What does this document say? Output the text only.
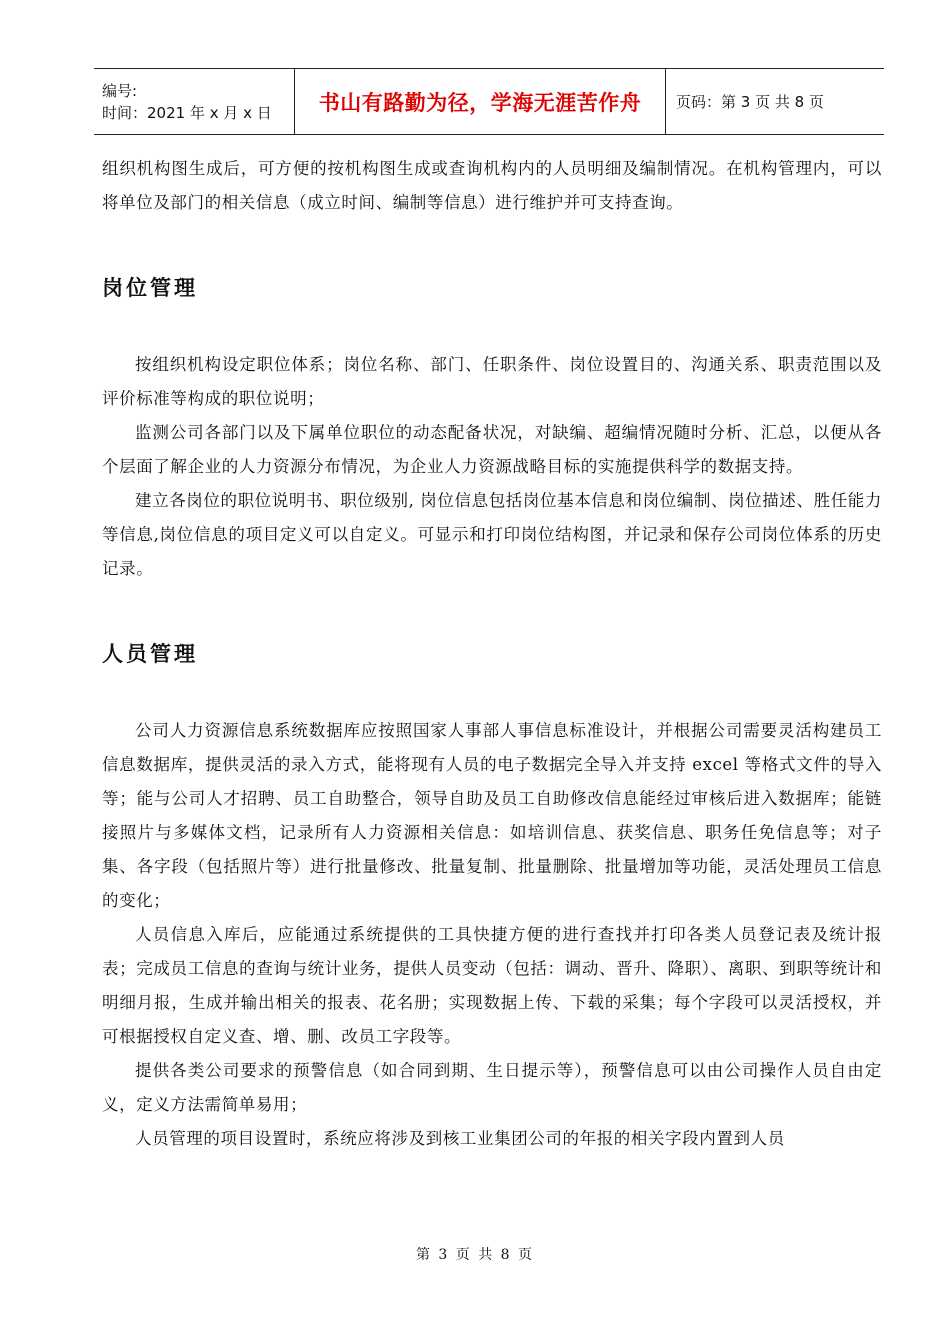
编号:
时间：2021 年 x 月 x 日	书山有路勤为径，学海无涯苦作舟 页码：第 3 页 共 8 页

组织机构图生成后，可方便的按机构图生成或查询机构内的人员明细及编制情况。在机构管理内，可以将单位及部门的相关信息（成立时间、编制等信息）进行维护并可支持查询。

岗位管理

按组织机构设定职位体系；岗位名称、部门、任职条件、岗位设置目的、沟通关系、职责范围以及评价标准等构成的职位说明；

监测公司各部门以及下属单位职位的动态配备状况，对缺编、超编情况随时分析、汇总，以便从各个层面了解企业的人力资源分布情况，为企业人力资源战略目标的实施提供科学的数据支持。

建立各岗位的职位说明书、职位级别, 岗位信息包括岗位基本信息和岗位编制、岗位描述、胜任能力等信息,岗位信息的项目定义可以自定义。可显示和打印岗位结构图，并记录和保存公司岗位体系的历史记录。

人员管理

公司人力资源信息系统数据库应按照国家人事部人事信息标准设计，并根据公司需要灵活构建员工信息数据库，提供灵活的录入方式，能将现有人员的电子数据完全导入并支持 excel 等格式文件的导入等；能与公司人才招聘、员工自助整合，领导自助及员工自助修改信息能经过审核后进入数据库；能链接照片与多媒体文档，记录所有人力资源相关信息：如培训信息、获奖信息、职务任免信息等；对子集、各字段（包括照片等）进行批量修改、批量复制、批量删除、批量增加等功能，灵活处理员工信息的变化；

人员信息入库后，应能通过系统提供的工具快捷方便的进行查找并打印各类人员登记表及统计报表；完成员工信息的查询与统计业务，提供人员变动（包括：调动、晋升、降职）、离职、到职等统计和明细月报，生成并输出相关的报表、花名册；实现数据上传、下载的采集；每个字段可以灵活授权，并可根据授权自定义查、增、删、改员工字段等。

提供各类公司要求的预警信息（如合同到期、生日提示等），预警信息可以由公司操作人员自由定义，定义方法需简单易用；

人员管理的项目设置时，系统应将涉及到核工业集团公司的年报的相关字段内置到人员

第 3 页 共 8 页
